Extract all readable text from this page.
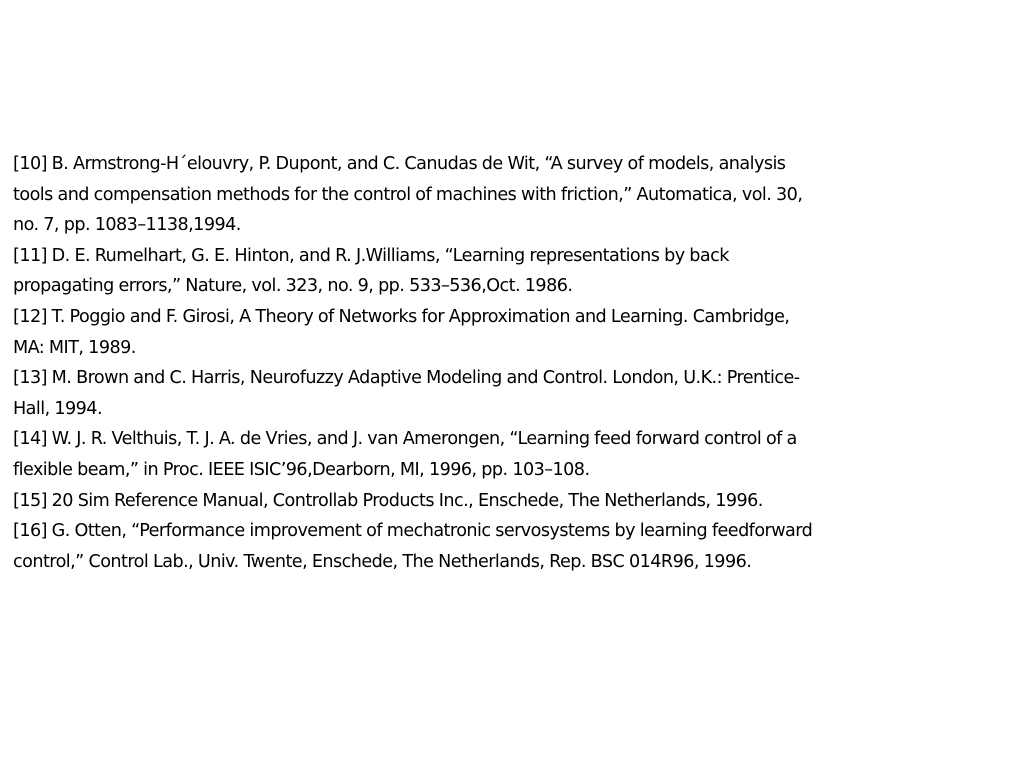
[10] B. Armstrong-H´elouvry, P. Dupont, and C. Canudas de Wit, “A survey of models, analysis
tools and compensation methods for the control of machines with friction,” Automatica, vol. 30,
no. 7, pp. 1083–1138,1994.
[11] D. E. Rumelhart, G. E. Hinton, and R. J.Williams, “Learning representations by back
propagating errors,” Nature, vol. 323, no. 9, pp. 533–536,Oct. 1986.
[12] T. Poggio and F. Girosi, A Theory of Networks for Approximation and Learning. Cambridge,
MA: MIT, 1989.
[13] M. Brown and C. Harris, Neurofuzzy Adaptive Modeling and Control. London, U.K.: Prentice-
Hall, 1994.
[14] W. J. R. Velthuis, T. J. A. de Vries, and J. van Amerongen, “Learning feed forward control of a
flexible beam,” in Proc. IEEE ISIC’96,Dearborn, MI, 1996, pp. 103–108.
[15] 20 Sim Reference Manual, Controllab Products Inc., Enschede, The Netherlands, 1996.
[16] G. Otten, “Performance improvement of mechatronic servosystems by learning feedforward
control,” Control Lab., Univ. Twente, Enschede, The Netherlands, Rep. BSC 014R96, 1996.
